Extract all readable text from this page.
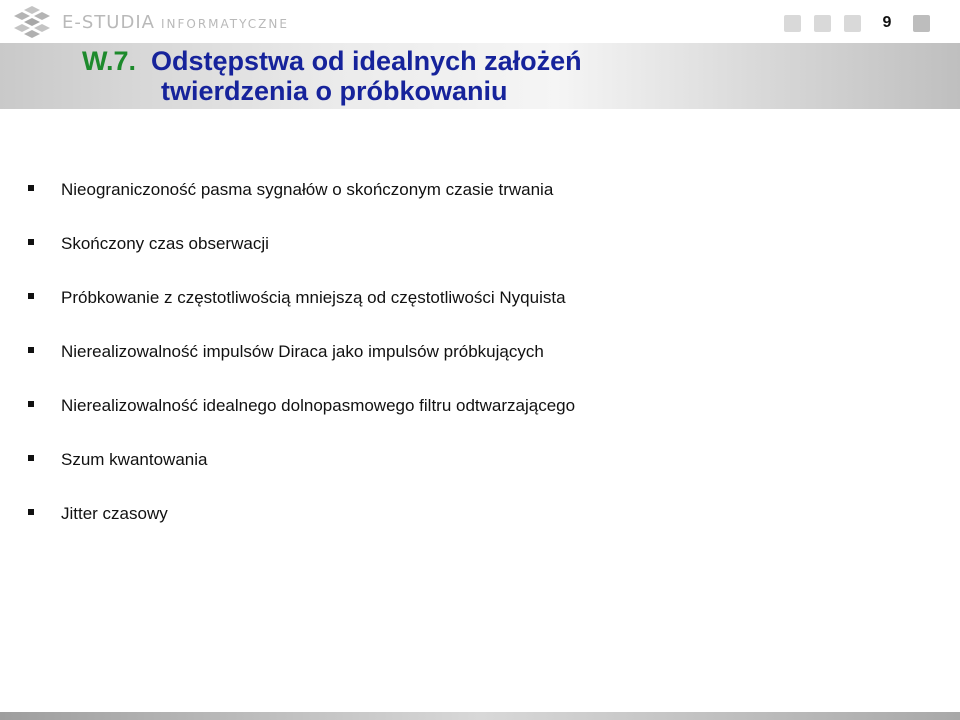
E-STUDIA INFORMATYCZNE	9
W.7. Odstępstwa od idealnych założeń
twierdzenia o próbkowaniu
Nieograniczoność pasma sygnałów o skończonym czasie trwania
Skończony czas obserwacji
Próbkowanie z częstotliwością mniejszą od częstotliwości Nyquista
Nierealizowalność impulsów Diraca jako impulsów próbkujących
Nierealizowalność idealnego dolnopasmowego filtru odtwarzającego
Szum kwantowania
Jitter czasowy
